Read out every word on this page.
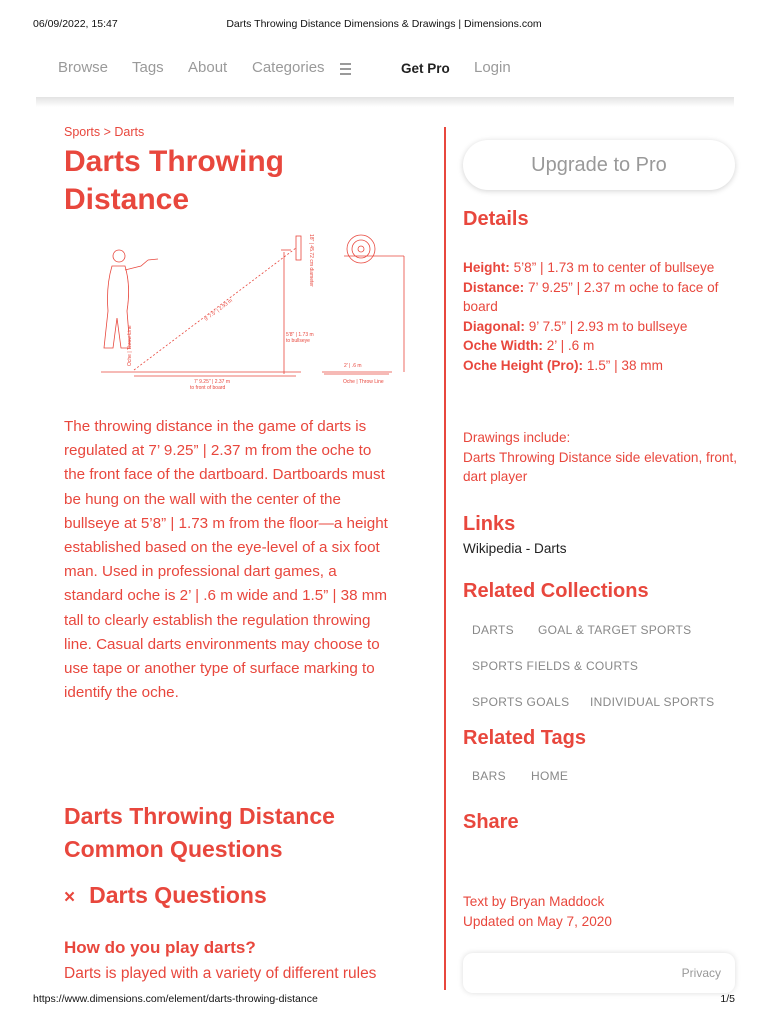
06/09/2022, 15:47	Darts Throwing Distance Dimensions & Drawings | Dimensions.com
Browse Tags About Categories	Get Pro Login
Sports > Darts
Darts Throwing Distance
5'8" | 1.73 m
to bullseye
9' 7.5" | 2.93 m
7' 9.25" | 2.37 m
to front of board
Oche | Throw Line	2' | .6 m
Oche | Throw Line
18" | 45.72 cm diameter
The throwing distance in the game of darts is regulated at 7’ 9.25” | 2.37 m from the oche to the front face of the dartboard. Dartboards must be hung on the wall with the center of the bullseye at 5’8” | 1.73 m from the floor—a height established based on the eye-level of a six foot man. Used in professional dart games, a standard oche is 2’ | .6 m wide and 1.5” | 38 mm tall to clearly establish the regulation throwing line. Casual darts environments may choose to use tape or another type of surface marking to identify the oche.
Darts Throwing Distance Common Questions
× Darts Questions
How do you play darts?
Darts is played with a variety of different rules
Upgrade to Pro
Details
Height: 5’8” | 1.73 m to center of bullseye
Distance: 7’ 9.25” | 2.37 m oche to face of board
Diagonal: 9’ 7.5” | 2.93 m to bullseye
Oche Width: 2’ | .6 m
Oche Height (Pro): 1.5” | 38 mm
Drawings include:
Darts Throwing Distance side elevation, front, dart player
Links
Wikipedia - Darts
Related Collections
DARTS GOAL & TARGET SPORTS
SPORTS FIELDS & COURTS
SPORTS GOALS INDIVIDUAL SPORTS
Related Tags
BARS HOME
Share
Text by Bryan Maddock
Updated on May 7, 2020
Privacy
https://www.dimensions.com/element/darts-throwing-distance	1/5
